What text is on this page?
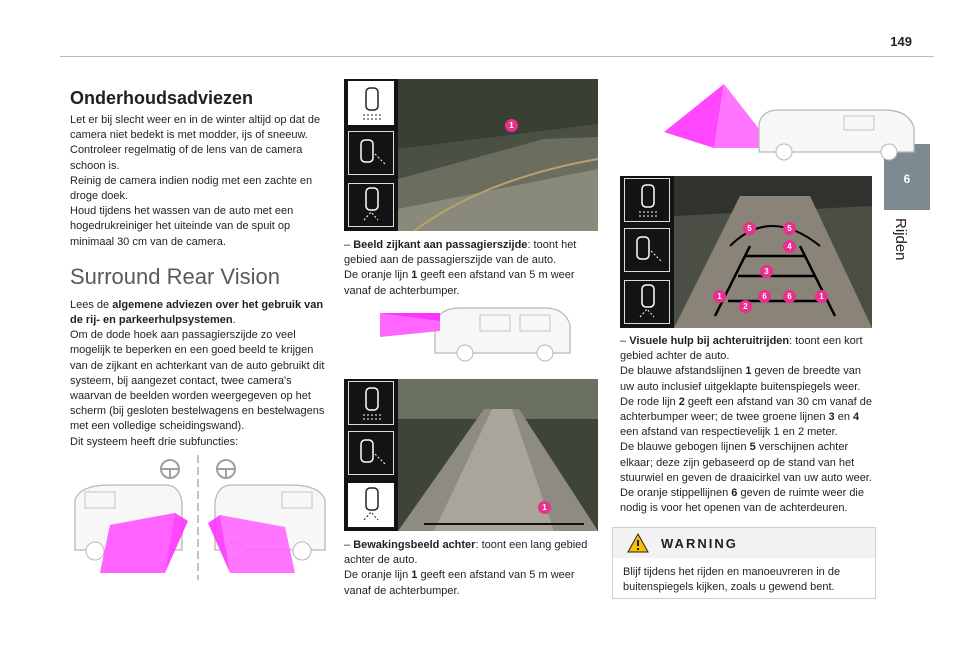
149
6
Rijden
Onderhoudsadviezen

Let er bij slecht weer en in de winter altijd op dat de camera niet bedekt is met modder, ijs of sneeuw.

Controleer regelmatig of de lens van de camera schoon is.

Reinig de camera indien nodig met een zachte en droge doek.

Houd tijdens het wassen van de auto met een hogedrukreiniger het uiteinde van de spuit op minimaal 30 cm van de camera.

Surround Rear Vision

Lees de algemene adviezen over het gebruik van de rij- en parkeerhulpsystemen.

Om de dode hoek aan passagierszijde zo veel mogelijk te beperken en een goed beeld te krijgen van de zijkant en achterkant van de auto gebruikt dit systeem, bij aangezet contact, twee camera's waarvan de beelden worden weergegeven op het scherm (bij gesloten bestelwagens en bestelwagens met een volledige scheidingswand).

Dit systeem heeft drie subfuncties:

1

– Beeld zijkant aan passagierszijde: toont het gebied aan de passagierszijde van de auto.

De oranje lijn 1 geeft een afstand van 5 m weer vanaf de achterbumper.

1

– Bewakingsbeeld achter: toont een lang gebied achter de auto.

De oranje lijn 1 geeft een afstand van 5 m weer vanaf de achterbumper.

5	5
4
3
1	6	6	1
2

– Visuele hulp bij achteruitrijden: toont een kort gebied achter de auto.

De blauwe afstandslijnen 1 geven de breedte van uw auto inclusief uitgeklapte buitenspiegels weer.

De rode lijn 2 geeft een afstand van 30 cm vanaf de achterbumper weer; de twee groene lijnen 3 en 4 een afstand van respectievelijk 1 en 2 meter.

De blauwe gebogen lijnen 5 verschijnen achter elkaar; deze zijn gebaseerd op de stand van het stuurwiel en geven de draaicirkel van uw auto weer.

De oranje stippellijnen 6 geven de ruimte weer die nodig is voor het openen van de achterdeuren.

WARNING
Blijf tijdens het rijden en manoeuvreren in de buitenspiegels kijken, zoals u gewend bent.
